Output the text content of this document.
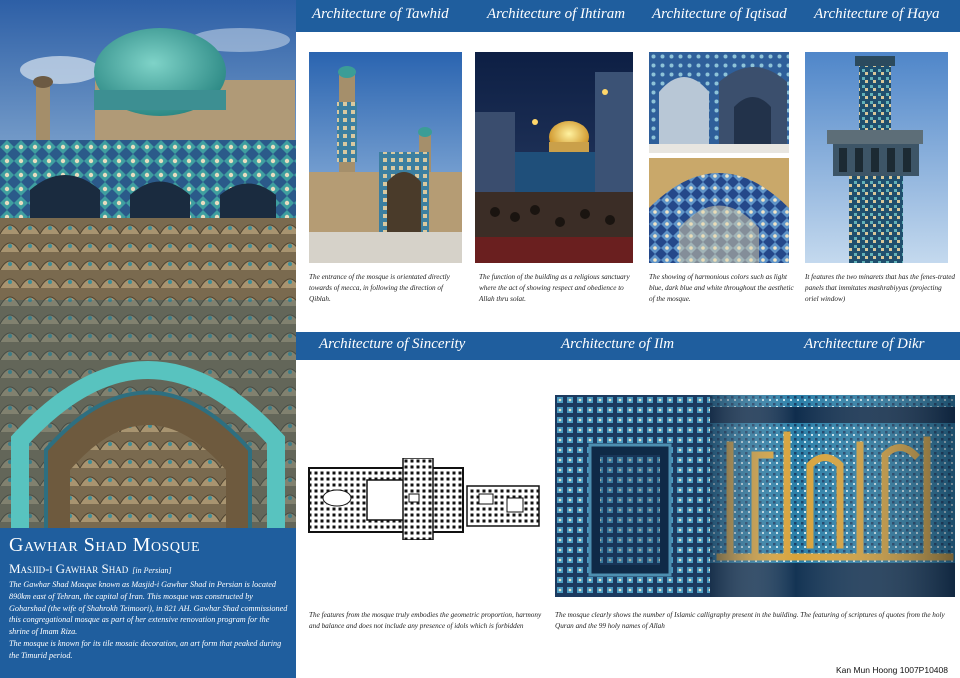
Gawhar Shad Mosque
Masjid-i Gawhar Shad [in Persian]

The Gawhar Shad Mosque known as Masjid-i Gawhar Shad in Persian is located 890km east of Tehran, the capital of Iran. This mosque was constructed by Goharshad (the wife of Shahrokh Teimoori), in 821 AH. Gawhar Shad commissioned this congregational mosque as part of her extensive renovation program for the shrine of Imam Riza.

The mosque is known for its tile mosaic decoration, an art form that peaked during the Timurid period.

Architecture of Tawhid	Architecture of Ihtiram Architecture of Iqtisad Architecture of Haya
The entrance of the mosque is orientated directly towards of mecca, in following the direction of Qiblah.
The function of the building as a religious sanctuary where the act of showing respect and obedience to Allah thru solat.
The showing of harmonious colors such as light blue, dark blue and white throughout the aesthetic of the mosque.
It features the two minarets that has the fenes-trated panels that immitates mashrabiyyas (projecting oriel window)
Architecture of Sincerity	Architecture of Ilm	Architecture of Dikr
The features from the mosque truly embodies the geometric proportion, harmony and balance and does not include any presence of idols which is forbidden
The mosque clearly shows the number of Islamic calligraphy present in the building. The featuring of scriptures of quotes from the holy Quran and the 99 holy names of Allah
Kan Mun Hoong 1007P10408
